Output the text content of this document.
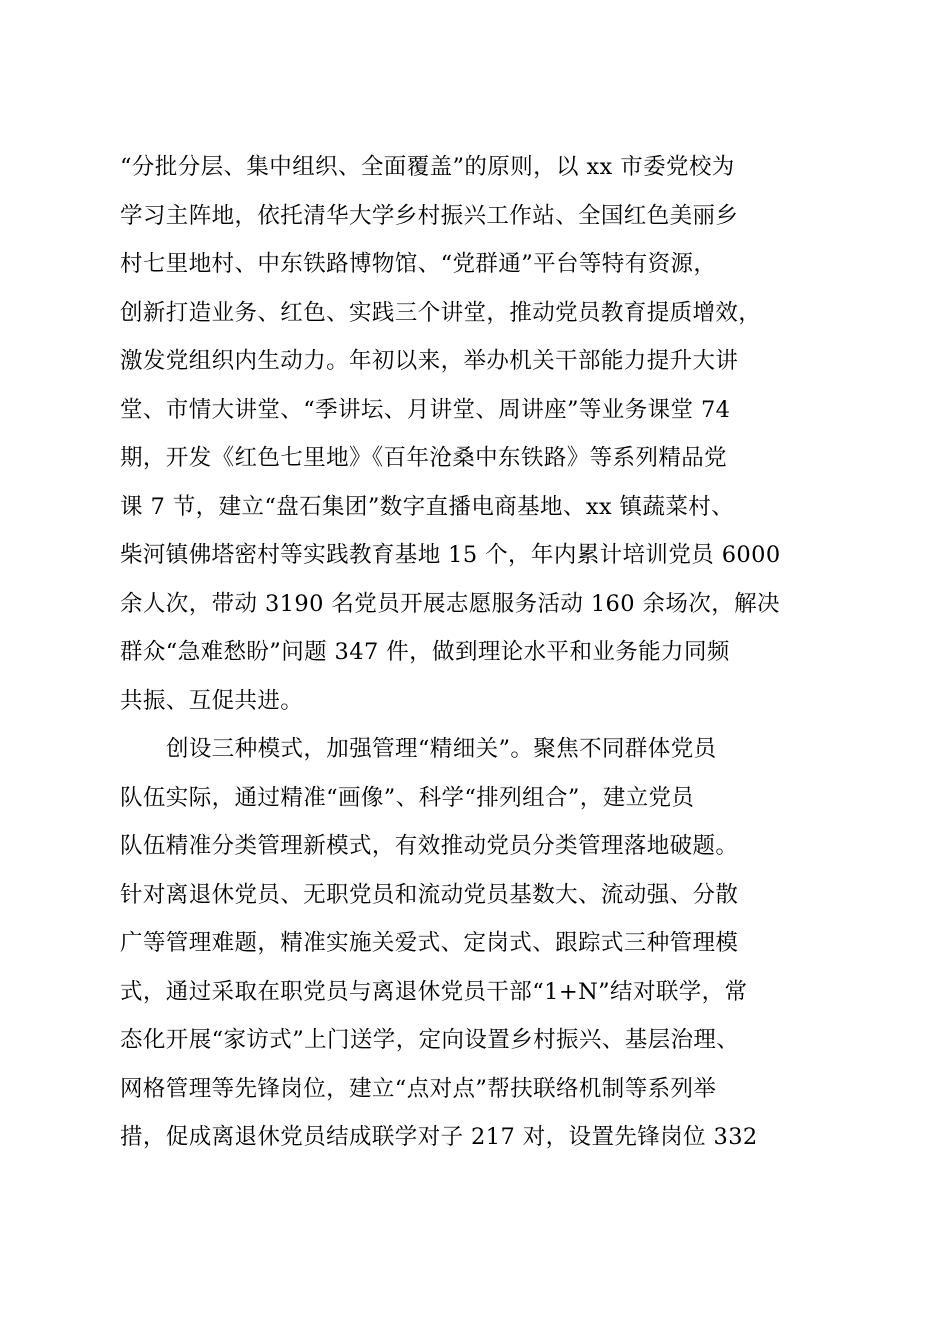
“分批分层、集中组织、全面覆盖”的原则，以 xx 市委党校为
学习主阵地，依托清华大学乡村振兴工作站、全国红色美丽乡
村七里地村、中东铁路博物馆、“党群通”平台等特有资源，
创新打造业务、红色、实践三个讲堂，推动党员教育提质增效，
激发党组织内生动力。年初以来，举办机关干部能力提升大讲
堂、市情大讲堂、“季讲坛、月讲堂、周讲座”等业务课堂 74
期，开发《红色七里地》《百年沧桑中东铁路》等系列精品党
课 7 节，建立“盘石集团”数字直播电商基地、xx 镇蔬菜村、
柴河镇佛塔密村等实践教育基地 15 个，年内累计培训党员 6000
余人次，带动 3190 名党员开展志愿服务活动 160 余场次，解决
群众“急难愁盼”问题 347 件，做到理论水平和业务能力同频
共振、互促共进。
创设三种模式，加强管理“精细关”。聚焦不同群体党员
队伍实际，通过精准“画像”、科学“排列组合”，建立党员
队伍精准分类管理新模式，有效推动党员分类管理落地破题。
针对离退休党员、无职党员和流动党员基数大、流动强、分散
广等管理难题，精准实施关爱式、定岗式、跟踪式三种管理模
式，通过采取在职党员与离退休党员干部“1+N”结对联学，常
态化开展“家访式”上门送学，定向设置乡村振兴、基层治理、
网格管理等先锋岗位，建立“点对点”帮扶联络机制等系列举
措，促成离退休党员结成联学对子 217 对，设置先锋岗位 332
